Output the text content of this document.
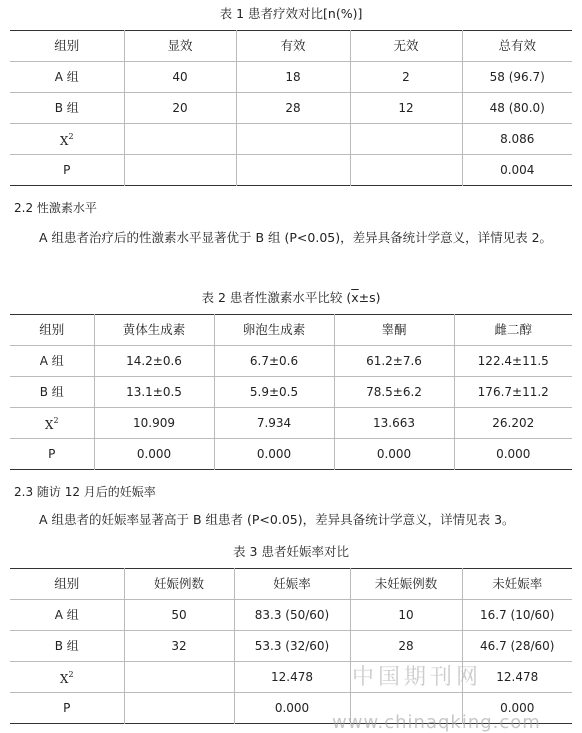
表 1 患者疗效对比[n(%)]
组别	显效	有效	无效	总有效
A 组	40	18	2	58 (96.7)
B 组	20	28	12	48 (80.0)
$X^2$				8.086
P				0.004
2.2 性激素水平
A 组患者治疗后的性激素水平显著优于 B 组 (P<0.05)，差异具备统计学意义，详情见表 2。
表 2 患者性激素水平比较 $(\overline{x}\pm s)$
组别	黄体生成素	卵泡生成素	睾酮	雌二醇
A 组	14.2±0.6	6.7±0.6	61.2±7.6	122.4±11.5
B 组	13.1±0.5	5.9±0.5	78.5±6.2	176.7±11.2
$X^2$	10.909	7.934	13.663	26.202
P	0.000	0.000	0.000	0.000
2.3 随访 12 月后的妊娠率
A 组患者的妊娠率显著高于 B 组患者 (P<0.05)，差异具备统计学意义，详情见表 3。
表 3 患者妊娠率对比
组别	妊娠例数	妊娠率	未妊娠例数	未妊娠率
A 组	50	83.3 (50/60)	10	16.7 (10/60)
B 组	32	53.3 (32/60)	28	46.7 (28/60)
$X^2$		12.478		12.478
P		0.000		0.000
中国期刊网
www.chinaqking.com
